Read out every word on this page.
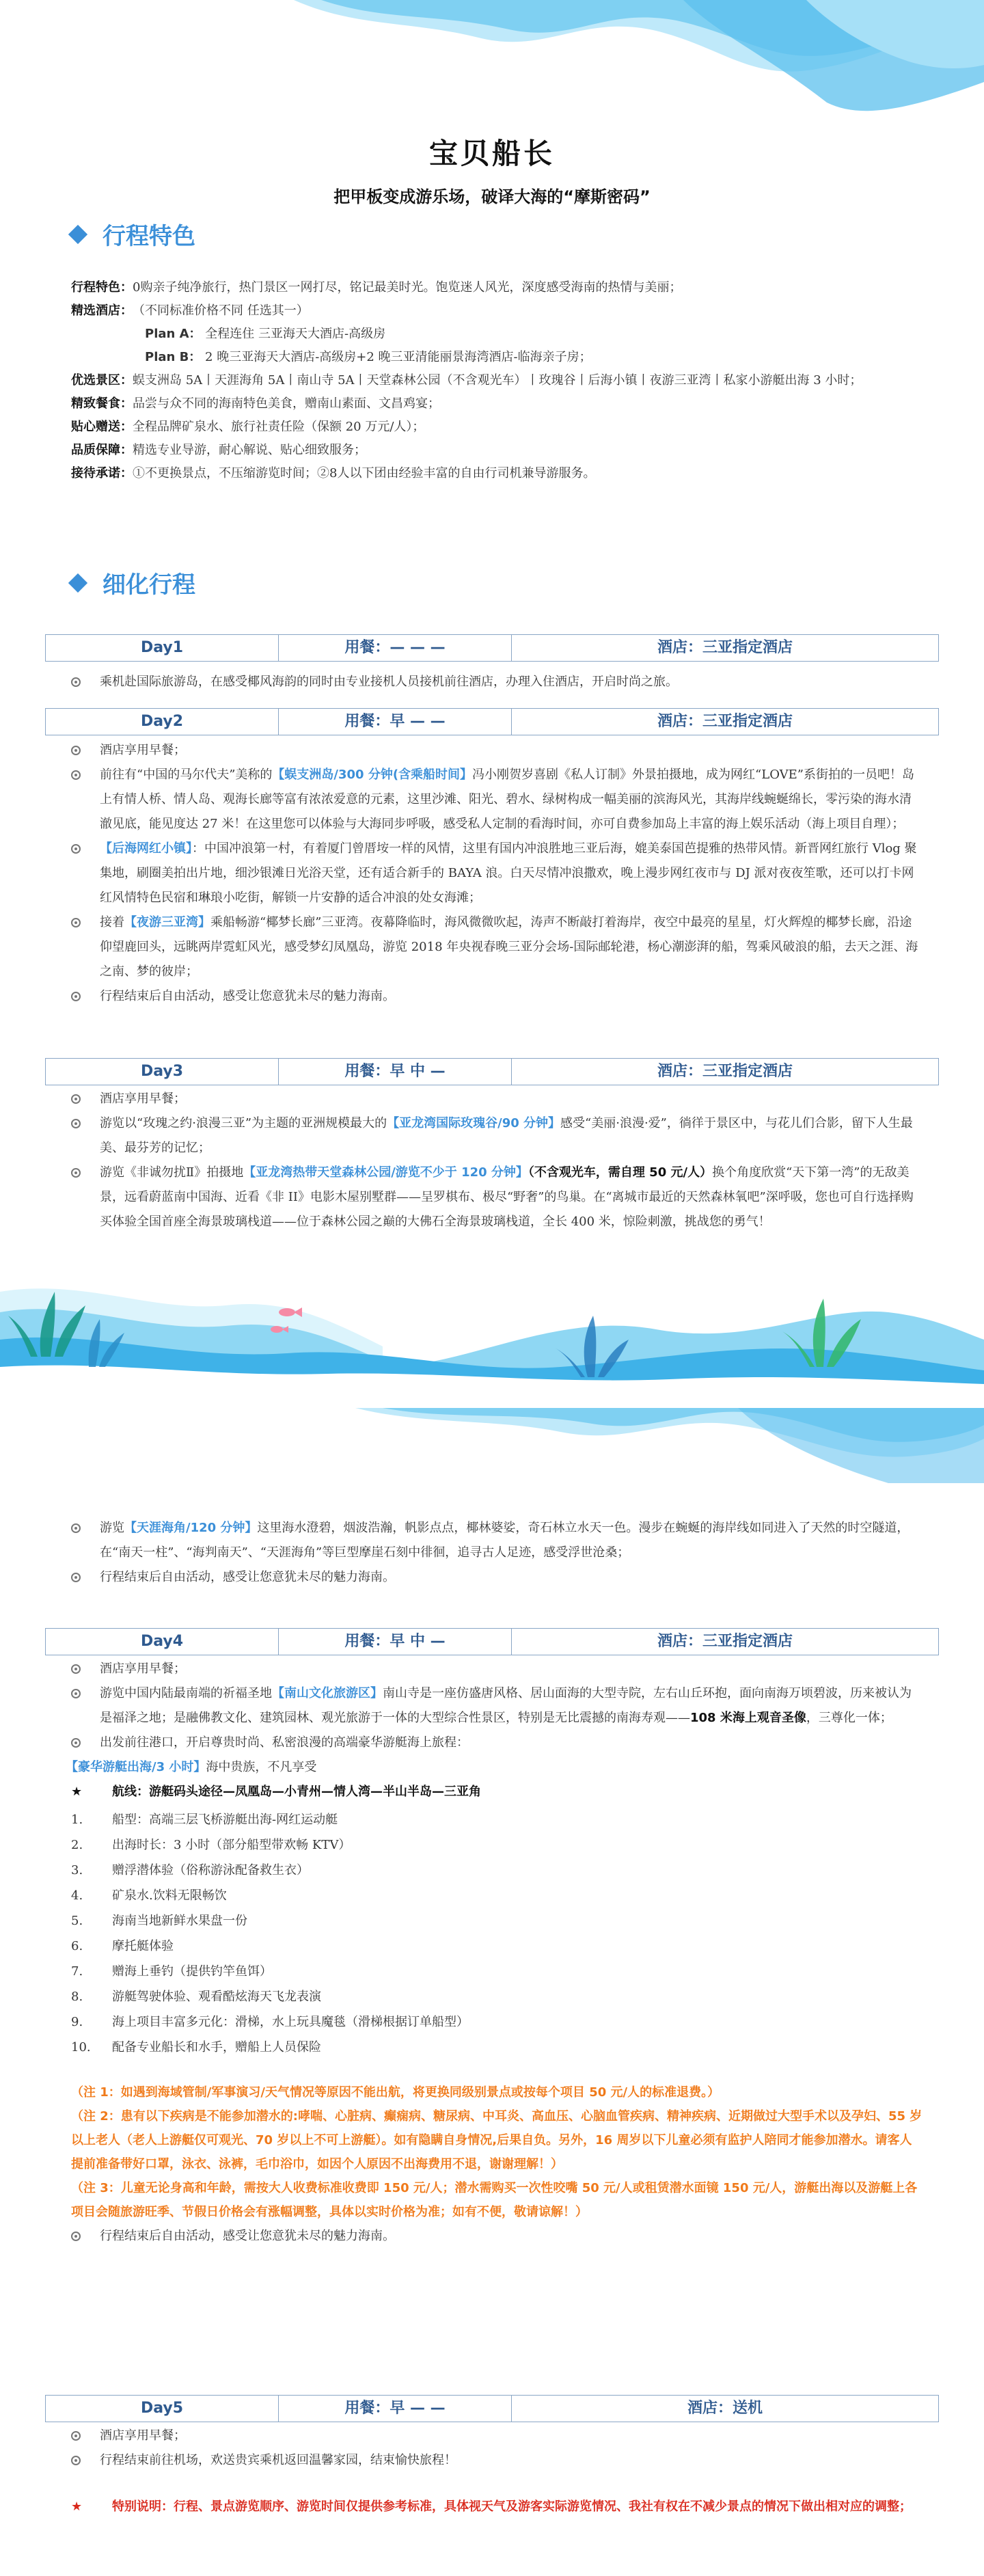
宝贝船长
把甲板变成游乐场，破译大海的“摩斯密码”
行程特色
行程特色： 0购亲子纯净旅行，热门景区一网打尽，铭记最美时光。饱览迷人风光，深度感受海南的热情与美丽；
精选酒店： （不同标准价格不同 任选其一）
Plan A：
全程连住 三亚海天大酒店-高级房
Plan B：
2 晚三亚海天大酒店-高级房+2 晚三亚清能丽景海湾酒店-临海亲子房；
优选景区： 蜈支洲岛 5A丨天涯海角 5A丨南山寺 5A丨天堂森林公园（不含观光车）丨玫瑰谷丨后海小镇丨夜游三亚湾丨私家小游艇出海 3 小时；
精致餐食： 品尝与众不同的海南特色美食，赠南山素面、文昌鸡宴；
贴心赠送： 全程品牌矿泉水、旅行社责任险（保额 20 万元/人）；
品质保障： 精选专业导游，耐心解说、贴心细致服务；
接待承诺： ①不更换景点，不压缩游览时间；②8人以下团由经验丰富的自由行司机兼导游服务。
细化行程
Day1	用餐：— — —	酒店：三亚指定酒店
乘机赴国际旅游岛，在感受椰风海韵的同时由专业接机人员接机前往酒店，办理入住酒店，开启时尚之旅。
Day2	用餐：早 — —	酒店：三亚指定酒店
酒店享用早餐；
前往有“中国的马尔代夫”美称的【蜈支洲岛/300 分钟(含乘船时间】冯小刚贺岁喜剧《私人订制》外景拍摄地，成为网红“LOVE”系街拍的一员吧！岛上有情人桥、情人岛、观海长廊等富有浓浓爱意的元素，这里沙滩、阳光、碧水、绿树构成一幅美丽的滨海风光，其海岸线蜿蜒绵长，零污染的海水清澈见底，能见度达 27 米！在这里您可以体验与大海同步呼吸，感受私人定制的看海时间，亦可自费参加岛上丰富的海上娱乐活动（海上项目自理）；
【后海网红小镇】：中国冲浪第一村，有着厦门曾厝垵一样的风情，这里有国内冲浪胜地三亚后海，媲美泰国芭提雅的热带风情。新晋网红旅行 Vlog 聚集地，刷圈美拍出片地，细沙银滩日光浴天堂，还有适合新手的 BAYA 浪。白天尽情冲浪撒欢，晚上漫步网红夜市与 DJ 派对夜夜笙歌，还可以打卡网红风情特色民宿和琳琅小吃街，解锁一片安静的适合冲浪的处女海滩；
接着【夜游三亚湾】乘船畅游“椰梦长廊”三亚湾。夜幕降临时，海风微微吹起，涛声不断敲打着海岸，夜空中最亮的星星，灯火辉煌的椰梦长廊，沿途仰望鹿回头，远眺两岸霓虹风光，感受梦幻凤凰岛，游览 2018 年央视春晚三亚分会场-国际邮轮港，杨心潮澎湃的船，驾乘风破浪的船，去天之涯、海之南、梦的彼岸；
行程结束后自由活动，感受让您意犹未尽的魅力海南。
Day3	用餐：早 中 —	酒店：三亚指定酒店
酒店享用早餐；
游览以“玫瑰之约·浪漫三亚”为主题的亚洲规模最大的【亚龙湾国际玫瑰谷/90 分钟】感受“美丽·浪漫·爱”，徜徉于景区中，与花儿们合影，留下人生最美、最芬芳的记忆；
游览《非诚勿扰Ⅱ》拍摄地【亚龙湾热带天堂森林公园/游览不少于 120 分钟】（不含观光车，需自理 50 元/人）换个角度欣赏“天下第一湾”的无敌美景，远看蔚蓝南中国海、近看《非 II》电影木屋别墅群——呈罗棋布、极尽“野奢”的鸟巢。在“离城市最近的天然森林氧吧”深呼吸，您也可自行选择购买体验全国首座全海景玻璃栈道——位于森林公园之巅的大佛石全海景玻璃栈道，全长 400 米，惊险刺激，挑战您的勇气！
游览【天涯海角/120 分钟】这里海水澄碧，烟波浩瀚，帆影点点，椰林婆娑，奇石林立水天一色。漫步在蜿蜒的海岸线如同进入了天然的时空隧道，在“南天一柱”、“海判南天”、“天涯海角”等巨型摩崖石刻中徘徊，追寻古人足迹，感受浮世沧桑；
行程结束后自由活动，感受让您意犹未尽的魅力海南。
Day4	用餐：早 中 —	酒店：三亚指定酒店
酒店享用早餐；
游览中国内陆最南端的祈福圣地【南山文化旅游区】南山寺是一座仿盛唐风格、居山面海的大型寺院，左右山丘环抱，面向南海万顷碧波，历来被认为是福泽之地；是融佛教文化、建筑园林、观光旅游于一体的大型综合性景区，特别是无比震撼的南海寿观——108 米海上观音圣像，三尊化一体；
出发前往港口，开启尊贵时尚、私密浪漫的高端豪华游艇海上旅程：
【豪华游艇出海/3 小时】海中贵族，不凡享受
★	航线：游艇码头途径—凤凰岛—小青州—情人湾—半山半岛—三亚角
1.	船型：高端三层飞桥游艇出海-网红运动艇
2.	出海时长：3 小时（部分船型带欢畅 KTV）
3.	赠浮潜体验（俗称游泳配备救生衣）
4.	矿泉水.饮料无限畅饮
5.	海南当地新鲜水果盘一份
6.	摩托艇体验
7.	赠海上垂钓（提供钓竿鱼饵）
8.	游艇驾驶体验、观看酷炫海天飞龙表演
9.	海上项目丰富多元化：滑梯，水上玩具魔毯（滑梯根据订单船型）
10.	配备专业船长和水手，赠船上人员保险
（注 1：如遇到海域管制/军事演习/天气情况等原因不能出航，将更换同级别景点或按每个项目 50 元/人的标准退费。）
（注 2：患有以下疾病是不能参加潜水的:哮喘、心脏病、癫痫病、糖尿病、中耳炎、高血压、心脑血管疾病、精神疾病、近期做过大型手术以及孕妇、55 岁以上老人（老人上游艇仅可观光、70 岁以上不可上游艇）。如有隐瞒自身情况,后果自负。另外，16 周岁以下儿童必须有监护人陪同才能参加潜水。请客人提前准备带好口罩，泳衣、泳裤，毛巾浴巾，如因个人原因不出海费用不退，谢谢理解！）
（注 3：儿童无论身高和年龄，需按大人收费标准收费即 150 元/人；潜水需购买一次性咬嘴 50 元/人或租赁潜水面镜 150 元/人，游艇出海以及游艇上各项目会随旅游旺季、节假日价格会有涨幅调整，具体以实时价格为准；如有不便，敬请谅解！）
行程结束后自由活动，感受让您意犹未尽的魅力海南。
Day5	用餐：早 — —	酒店：送机
酒店享用早餐；
行程结束前往机场，欢送贵宾乘机返回温馨家园，结束愉快旅程！
★	特别说明：行程、景点游览顺序、游览时间仅提供参考标准，具体视天气及游客实际游览情况、我社有权在不减少景点的情况下做出相对应的调整；
